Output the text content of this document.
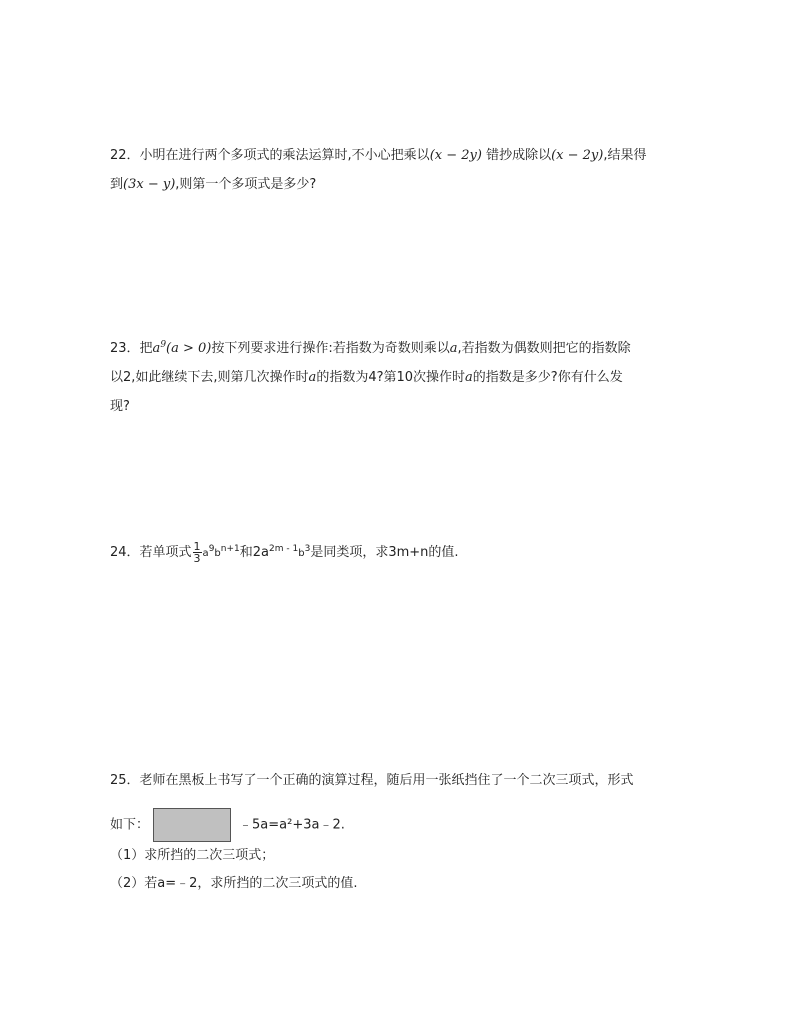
22．小明在进行两个多项式的乘法运算时,不小心把乘以(x − 2y) 错抄成除以(x − 2y),结果得
到(3x − y),则第一个多项式是多少?
23．把$a^9(a > 0)$按下列要求进行操作:若指数为奇数则乘以a,若指数为偶数则把它的指数除
以2,如此继续下去,则第几次操作时a的指数为4?第10次操作时a的指数是多少?你有什么发
现?
24．若单项式 $\frac{1}{3} a^9b^{n+1}$和$2a^{2m - 1}b^3$是同类项，求3m+n的值.
25．老师在黑板上书写了一个正确的演算过程，随后用一张纸挡住了一个二次三项式，形式
如下：	﹣5a=a²+3a﹣2.
（1）求所挡的二次三项式；
（2）若a=﹣2，求所挡的二次三项式的值.
